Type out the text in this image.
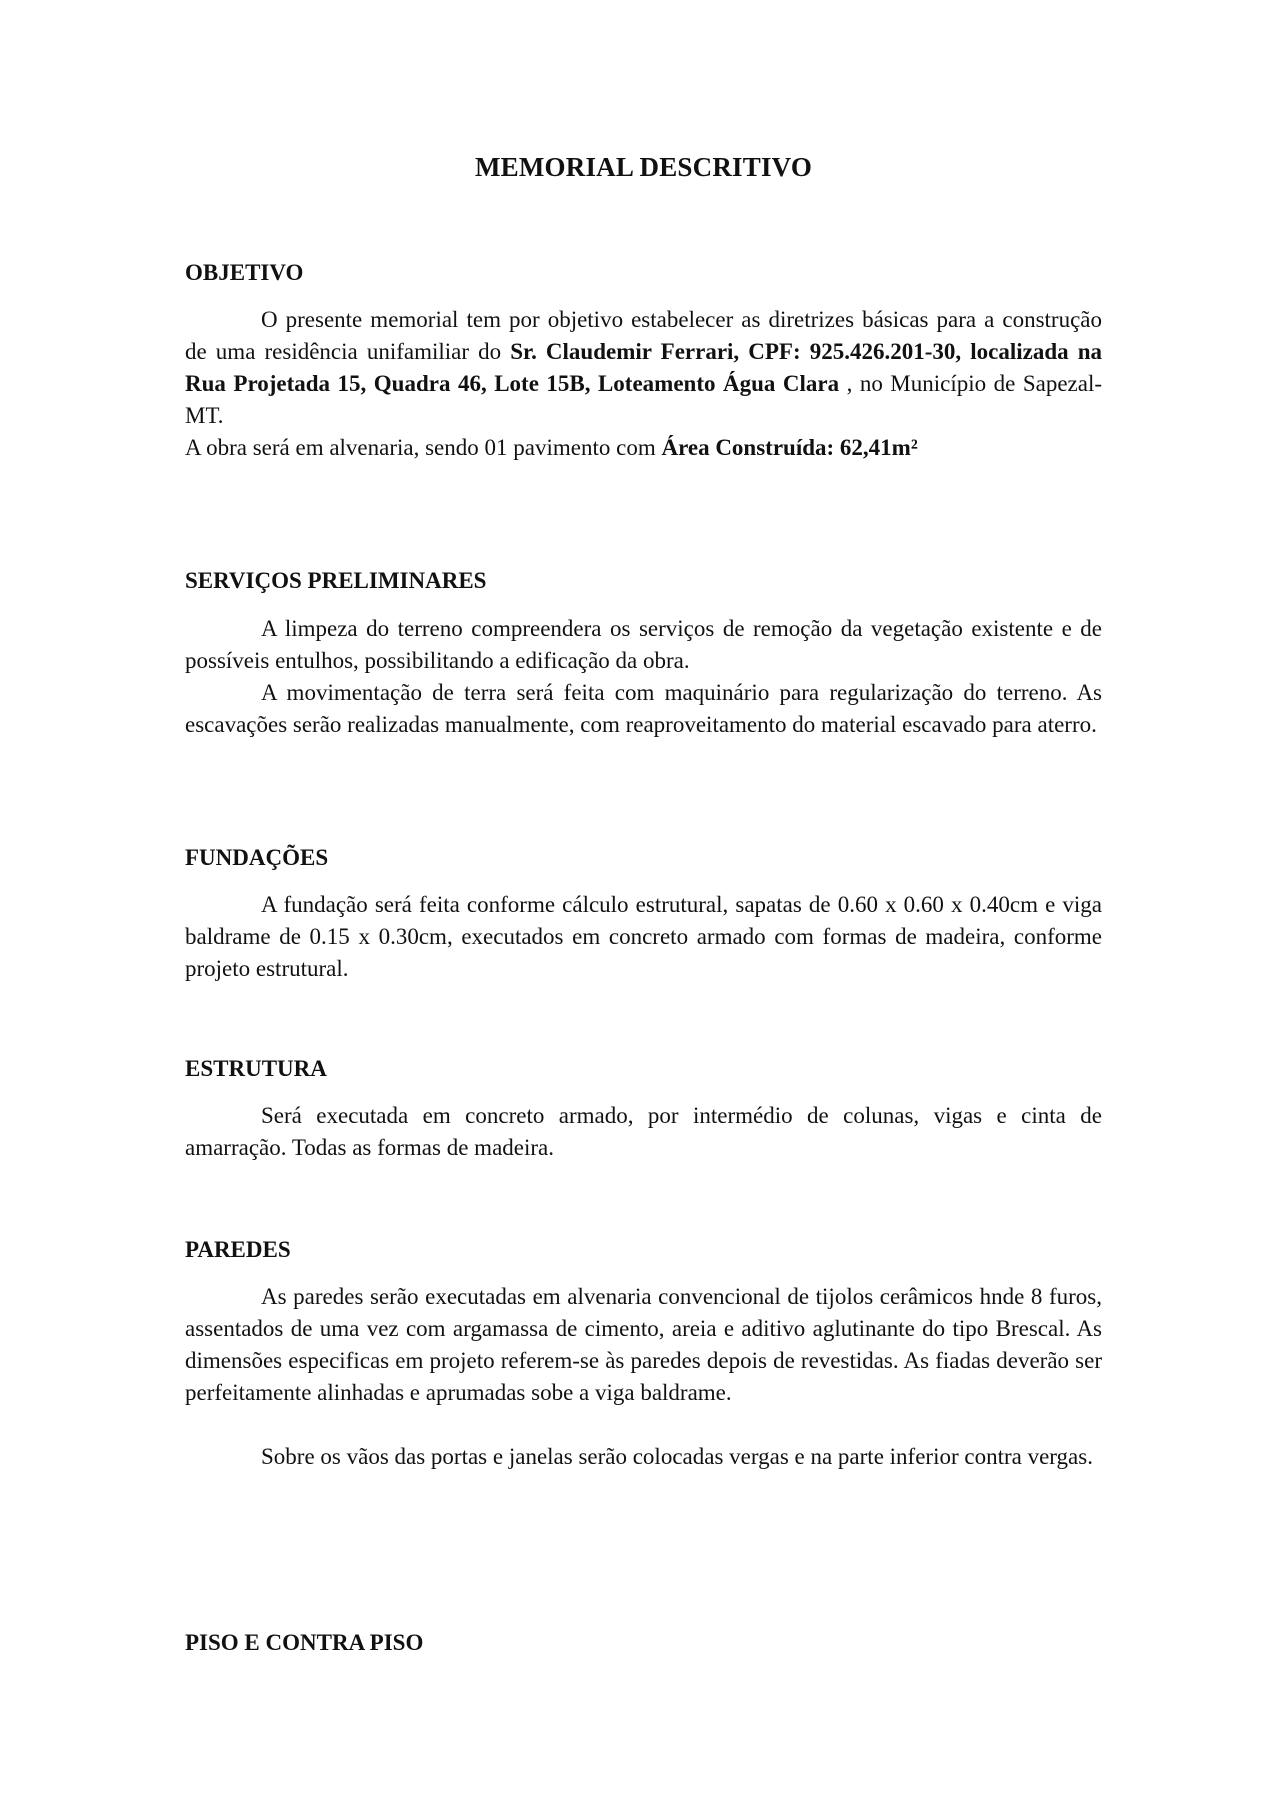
MEMORIAL DESCRITIVO
OBJETIVO

O presente memorial tem por objetivo estabelecer as diretrizes básicas para a construção de uma residência unifamiliar do Sr. Claudemir Ferrari, CPF: 925.426.201-30, localizada na Rua Projetada 15, Quadra 46, Lote 15B, Loteamento Água Clara , no Município de Sapezal-MT.

A obra será em alvenaria, sendo 01 pavimento com Área Construída: 62,41m²

SERVIÇOS PRELIMINARES

A limpeza do terreno compreendera os serviços de remoção da vegetação existente e de possíveis entulhos, possibilitando a edificação da obra.

A movimentação de terra será feita com maquinário para regularização do terreno. As escavações serão realizadas manualmente, com reaproveitamento do material escavado para aterro.

FUNDAÇÕES

A fundação será feita conforme cálculo estrutural, sapatas de 0.60 x 0.60 x 0.40cm e viga baldrame de 0.15 x 0.30cm, executados em concreto armado com formas de madeira, conforme projeto estrutural.

ESTRUTURA

Será executada em concreto armado, por intermédio de colunas, vigas e cinta de amarração. Todas as formas de madeira.

PAREDES

As paredes serão executadas em alvenaria convencional de tijolos cerâmicos hnde 8 furos, assentados de uma vez com argamassa de cimento, areia e aditivo aglutinante do tipo Brescal. As dimensões especificas em projeto referem-se às paredes depois de revestidas. As fiadas deverão ser perfeitamente alinhadas e aprumadas sobe a viga baldrame.

Sobre os vãos das portas e janelas serão colocadas vergas e na parte inferior contra vergas.

PISO E CONTRA PISO
